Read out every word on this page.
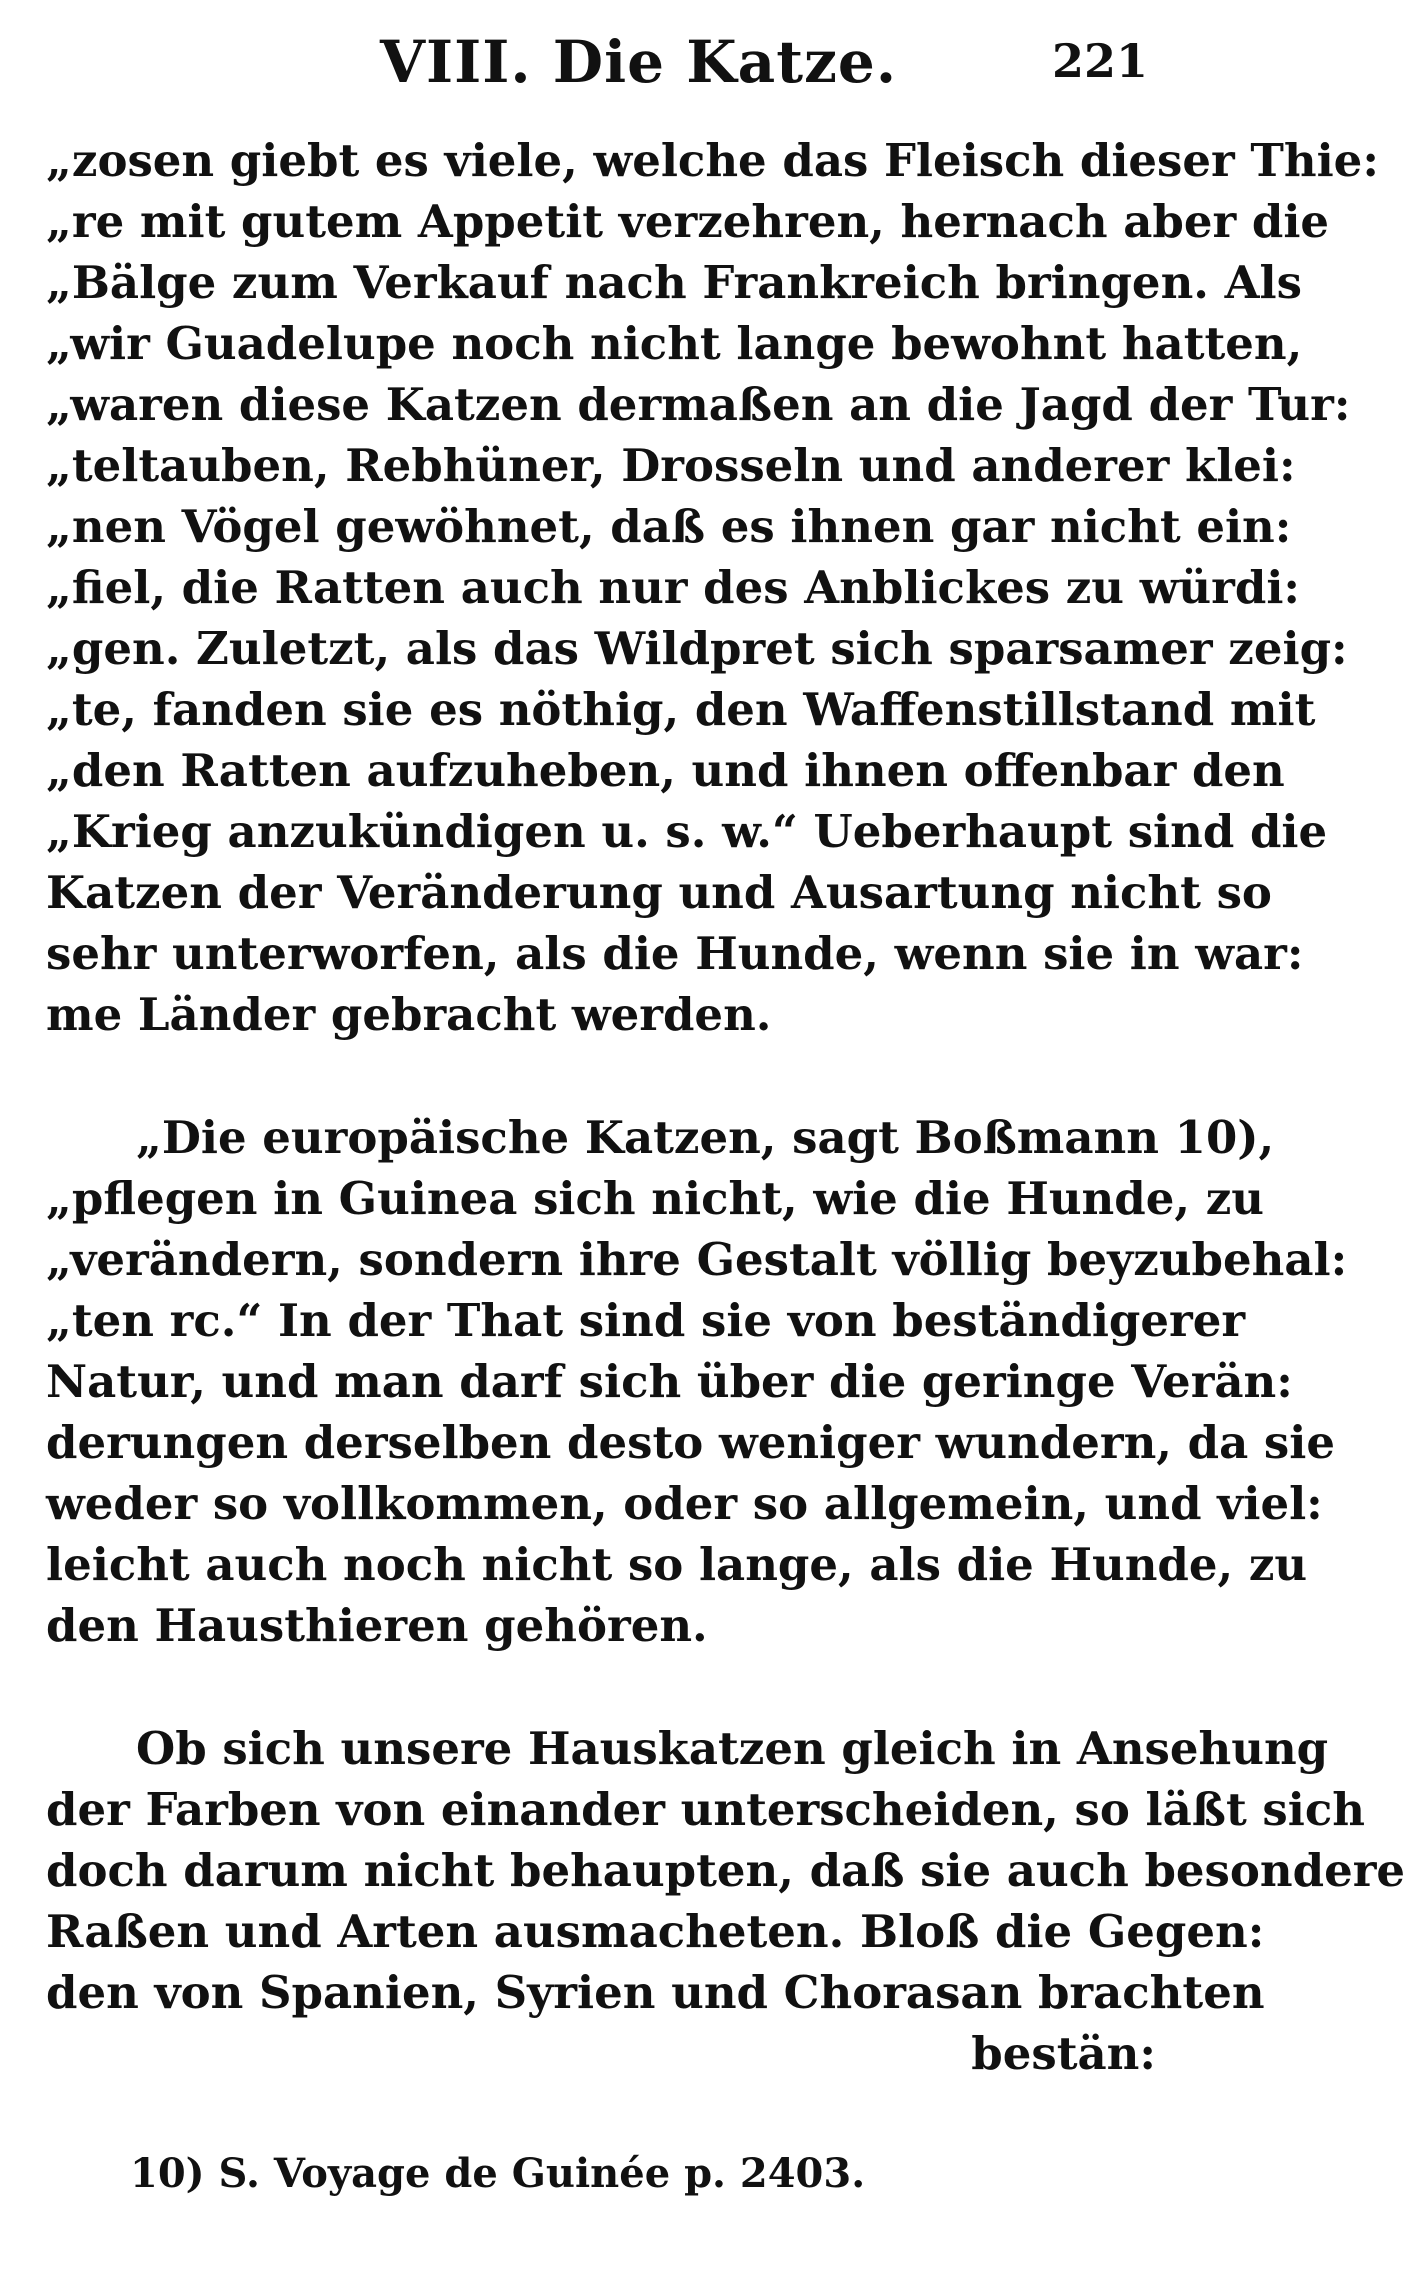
VIII. Die Katze.	221
„zosen giebt es viele, welche das Fleisch dieser Thie:
„re mit gutem Appetit verzehren, hernach aber die
„Bälge zum Verkauf nach Frankreich bringen. Als
„wir Guadelupe noch nicht lange bewohnt hatten,
„waren diese Katzen dermaßen an die Jagd der Tur:
„teltauben, Rebhüner, Drosseln und anderer klei:
„nen Vögel gewöhnet, daß es ihnen gar nicht ein:
„fiel, die Ratten auch nur des Anblickes zu würdi:
„gen. Zuletzt, als das Wildpret sich sparsamer zeig:
„te, fanden sie es nöthig, den Waffenstillstand mit
„den Ratten aufzuheben, und ihnen offenbar den
„Krieg anzukündigen u. s. w.“ Ueberhaupt sind die
Katzen der Veränderung und Ausartung nicht so
sehr unterworfen, als die Hunde, wenn sie in war:
me Länder gebracht werden.
„Die europäische Katzen, sagt Boßmann 10),
„pflegen in Guinea sich nicht, wie die Hunde, zu
„verändern, sondern ihre Gestalt völlig beyzubehal:
„ten rc.“ In der That sind sie von beständigerer
Natur, und man darf sich über die geringe Verän:
derungen derselben desto weniger wundern, da sie
weder so vollkommen, oder so allgemein, und viel:
leicht auch noch nicht so lange, als die Hunde, zu
den Hausthieren gehören.
Ob sich unsere Hauskatzen gleich in Ansehung
der Farben von einander unterscheiden, so läßt sich
doch darum nicht behaupten, daß sie auch besondere
Raßen und Arten ausmacheten. Bloß die Gegen:
den von Spanien, Syrien und Chorasan brachten
bestän:
10) S. Voyage de Guinée p. 2403.
